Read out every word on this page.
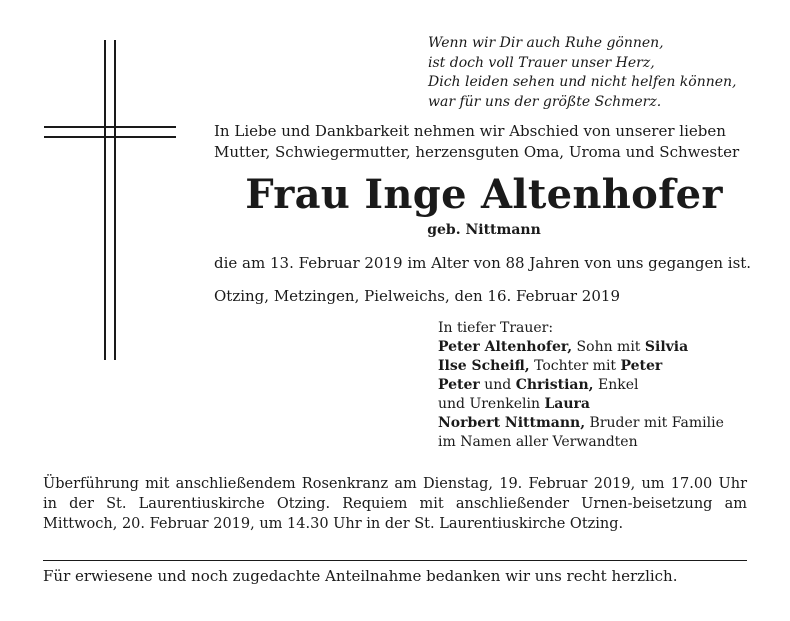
Wenn wir Dir auch Ruhe gönnen,
ist doch voll Trauer unser Herz,
Dich leiden sehen und nicht helfen können,
war für uns der größte Schmerz.
In Liebe und Dankbarkeit nehmen wir Abschied von unserer lieben
Mutter, Schwiegermutter, herzensguten Oma, Uroma und Schwester
Frau Inge Altenhofer
geb. Nittmann
die am 13. Februar 2019 im Alter von 88 Jahren von uns gegangen ist.
Otzing, Metzingen, Pielweichs, den 16. Februar 2019
In tiefer Trauer:
Peter Altenhofer, Sohn mit Silvia
Ilse Scheifl, Tochter mit Peter
Peter und Christian, Enkel
und Urenkelin Laura
Norbert Nittmann, Bruder mit Familie
im Namen aller Verwandten
Überführung mit anschließendem Rosenkranz am Dienstag, 19. Februar 2019, um 17.00 Uhr in der St. Laurentiuskirche Otzing. Requiem mit anschließender Urnen-beisetzung am Mittwoch, 20. Februar 2019, um 14.30 Uhr in der St. Laurentiuskirche Otzing.
Für erwiesene und noch zugedachte Anteilnahme bedanken wir uns recht herzlich.
